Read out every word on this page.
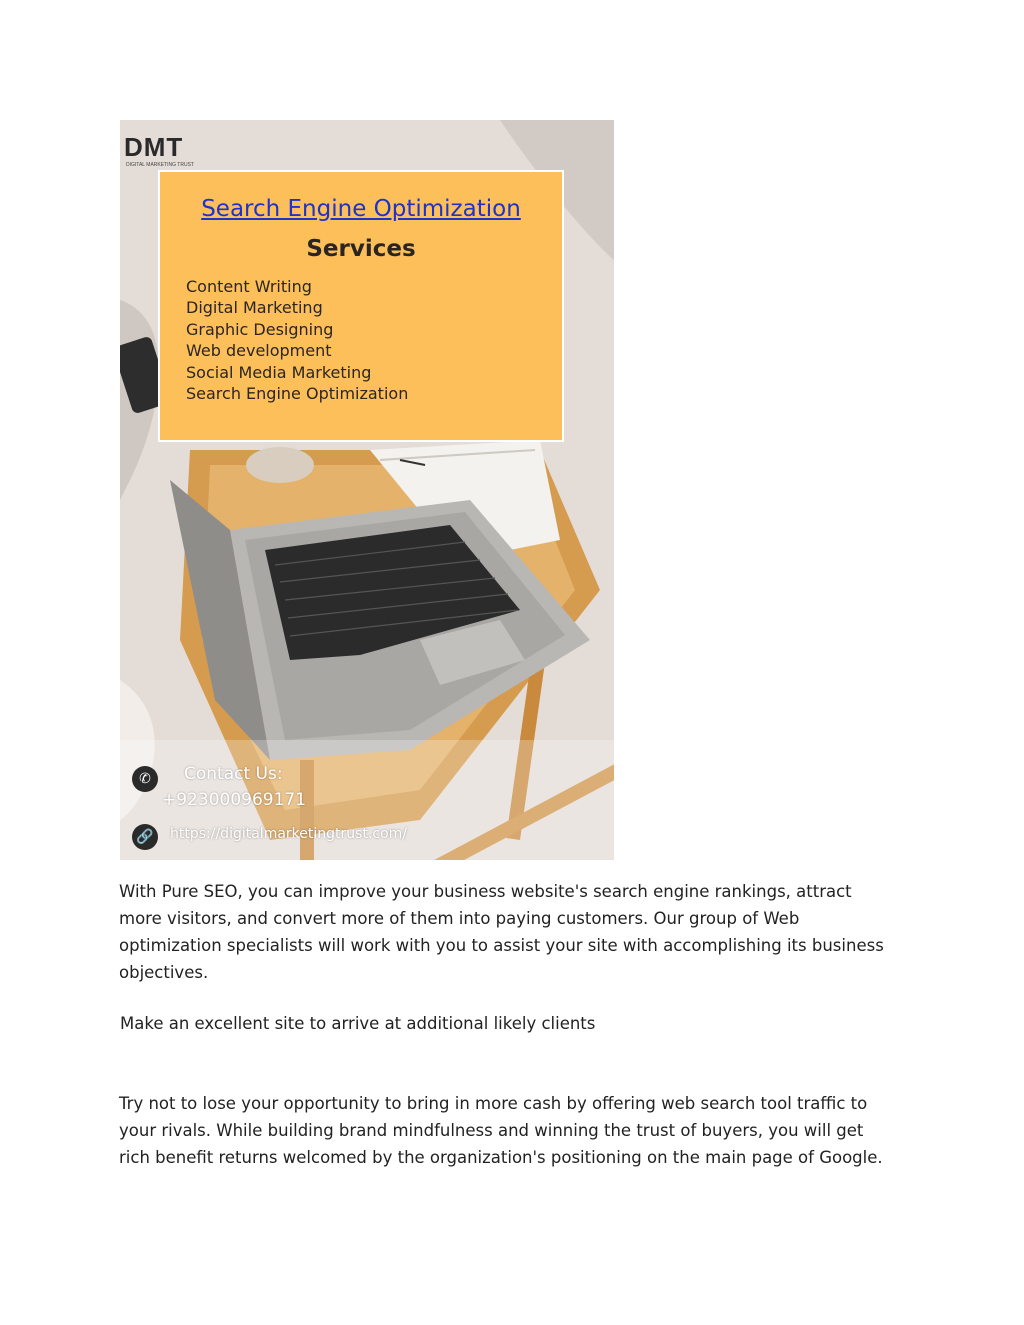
DMT
DIGITAL MARKETING TRUST
Search Engine Optimization
Services
Content Writing
Digital Marketing
Graphic Designing
Web development
Social Media Marketing
Search Engine Optimization
✆	Contact Us:
+923000969171
🔗	https://digitalmarketingtrust.com/

With Pure SEO, you can improve your business website's search engine rankings, attract more visitors, and convert more of them into paying customers. Our group of Web optimization specialists will work with you to assist your site with accomplishing its business objectives.

Make an excellent site to arrive at additional likely clients

Try not to lose your opportunity to bring in more cash by offering web search tool traffic to your rivals. While building brand mindfulness and winning the trust of buyers, you will get rich benefit returns welcomed by the organization's positioning on the main page of Google.
